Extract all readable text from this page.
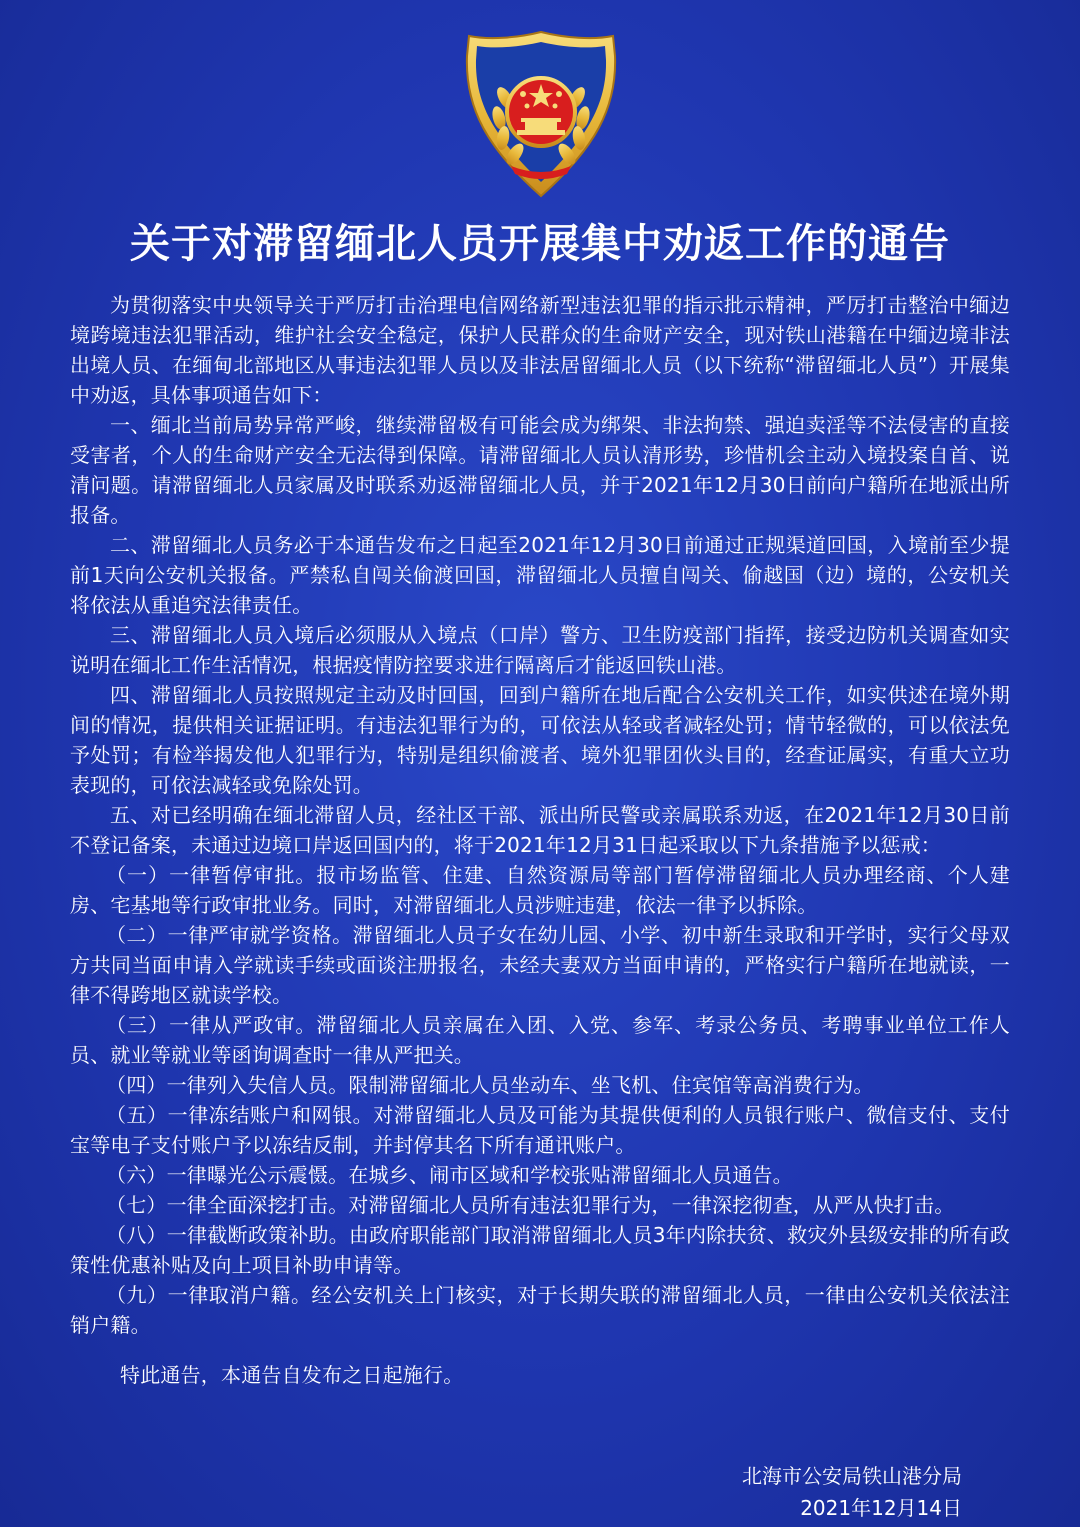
关于对滞留缅北人员开展集中劝返工作的通告

为贯彻落实中央领导关于严厉打击治理电信网络新型违法犯罪的指示批示精神，严厉打击整治中缅边境跨境违法犯罪活动，维护社会安全稳定，保护人民群众的生命财产安全，现对铁山港籍在中缅边境非法出境人员、在缅甸北部地区从事违法犯罪人员以及非法居留缅北人员（以下统称“滞留缅北人员”）开展集中劝返，具体事项通告如下：

一、缅北当前局势异常严峻，继续滞留极有可能会成为绑架、非法拘禁、强迫卖淫等不法侵害的直接受害者，个人的生命财产安全无法得到保障。请滞留缅北人员认清形势，珍惜机会主动入境投案自首、说清问题。请滞留缅北人员家属及时联系劝返滞留缅北人员，并于2021年12月30日前向户籍所在地派出所报备。

二、滞留缅北人员务必于本通告发布之日起至2021年12月30日前通过正规渠道回国，入境前至少提前1天向公安机关报备。严禁私自闯关偷渡回国，滞留缅北人员擅自闯关、偷越国（边）境的，公安机关将依法从重追究法律责任。

三、滞留缅北人员入境后必须服从入境点（口岸）警方、卫生防疫部门指挥，接受边防机关调查如实说明在缅北工作生活情况，根据疫情防控要求进行隔离后才能返回铁山港。

四、滞留缅北人员按照规定主动及时回国，回到户籍所在地后配合公安机关工作，如实供述在境外期间的情况，提供相关证据证明。有违法犯罪行为的，可依法从轻或者减轻处罚；情节轻微的，可以依法免予处罚；有检举揭发他人犯罪行为，特别是组织偷渡者、境外犯罪团伙头目的，经查证属实，有重大立功表现的，可依法减轻或免除处罚。

五、对已经明确在缅北滞留人员，经社区干部、派出所民警或亲属联系劝返，在2021年12月30日前不登记备案，未通过边境口岸返回国内的，将于2021年12月31日起采取以下九条措施予以惩戒：

（一）一律暂停审批。报市场监管、住建、自然资源局等部门暂停滞留缅北人员办理经商、个人建房、宅基地等行政审批业务。同时，对滞留缅北人员涉赃违建，依法一律予以拆除。

（二）一律严审就学资格。滞留缅北人员子女在幼儿园、小学、初中新生录取和开学时，实行父母双方共同当面申请入学就读手续或面谈注册报名，未经夫妻双方当面申请的，严格实行户籍所在地就读，一律不得跨地区就读学校。

（三）一律从严政审。滞留缅北人员亲属在入团、入党、参军、考录公务员、考聘事业单位工作人员、就业等就业等函询调查时一律从严把关。

（四）一律列入失信人员。限制滞留缅北人员坐动车、坐飞机、住宾馆等高消费行为。

（五）一律冻结账户和网银。对滞留缅北人员及可能为其提供便利的人员银行账户、微信支付、支付宝等电子支付账户予以冻结反制，并封停其名下所有通讯账户。

（六）一律曝光公示震慑。在城乡、闹市区域和学校张贴滞留缅北人员通告。

（七）一律全面深挖打击。对滞留缅北人员所有违法犯罪行为，一律深挖彻查，从严从快打击。

（八）一律截断政策补助。由政府职能部门取消滞留缅北人员3年内除扶贫、救灾外县级安排的所有政策性优惠补贴及向上项目补助申请等。

（九）一律取消户籍。经公安机关上门核实，对于长期失联的滞留缅北人员，一律由公安机关依法注销户籍。

特此通告，本通告自发布之日起施行。

北海市公安局铁山港分局
2021年12月14日
